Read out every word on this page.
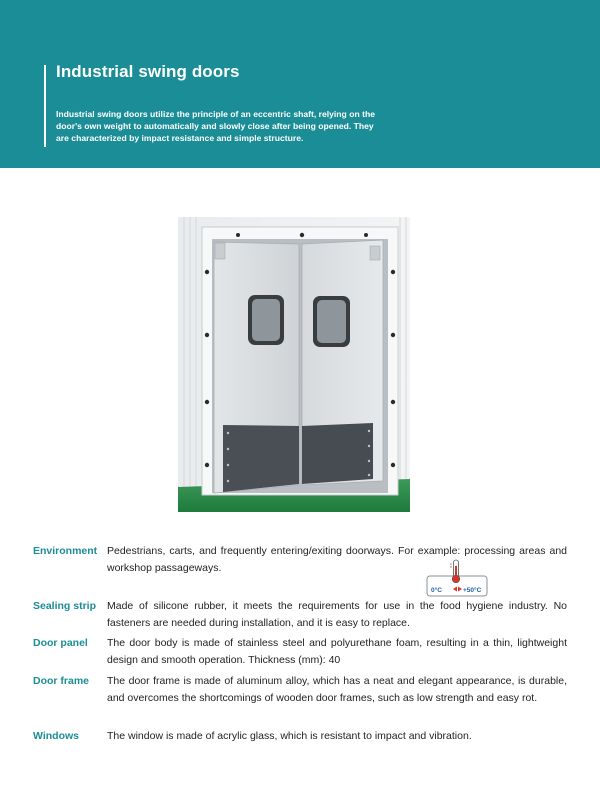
Industrial swing doors
Industrial swing doors utilize the principle of an eccentric shaft, relying on the door's own weight to automatically and slowly close after being opened. They are characterized by impact resistance and simple structure.
0°C	+50°C
Environment Pedestrians, carts, and frequently entering/exiting doorways. For example: processing areas and workshop passageways.
Sealing strip	Made of silicone rubber, it meets the requirements for use in the food hygiene industry. No fasteners are needed during installation, and it is easy to replace.
Door panel	The door body is made of stainless steel and polyurethane foam, resulting in a thin, lightweight design and smooth operation. Thickness (mm): 40
Door frame	The door frame is made of aluminum alloy, which has a neat and elegant appearance, is durable, and overcomes the shortcomings of wooden door frames, such as low strength and easy rot.
Windows	The window is made of acrylic glass, which is resistant to impact and vibration.
